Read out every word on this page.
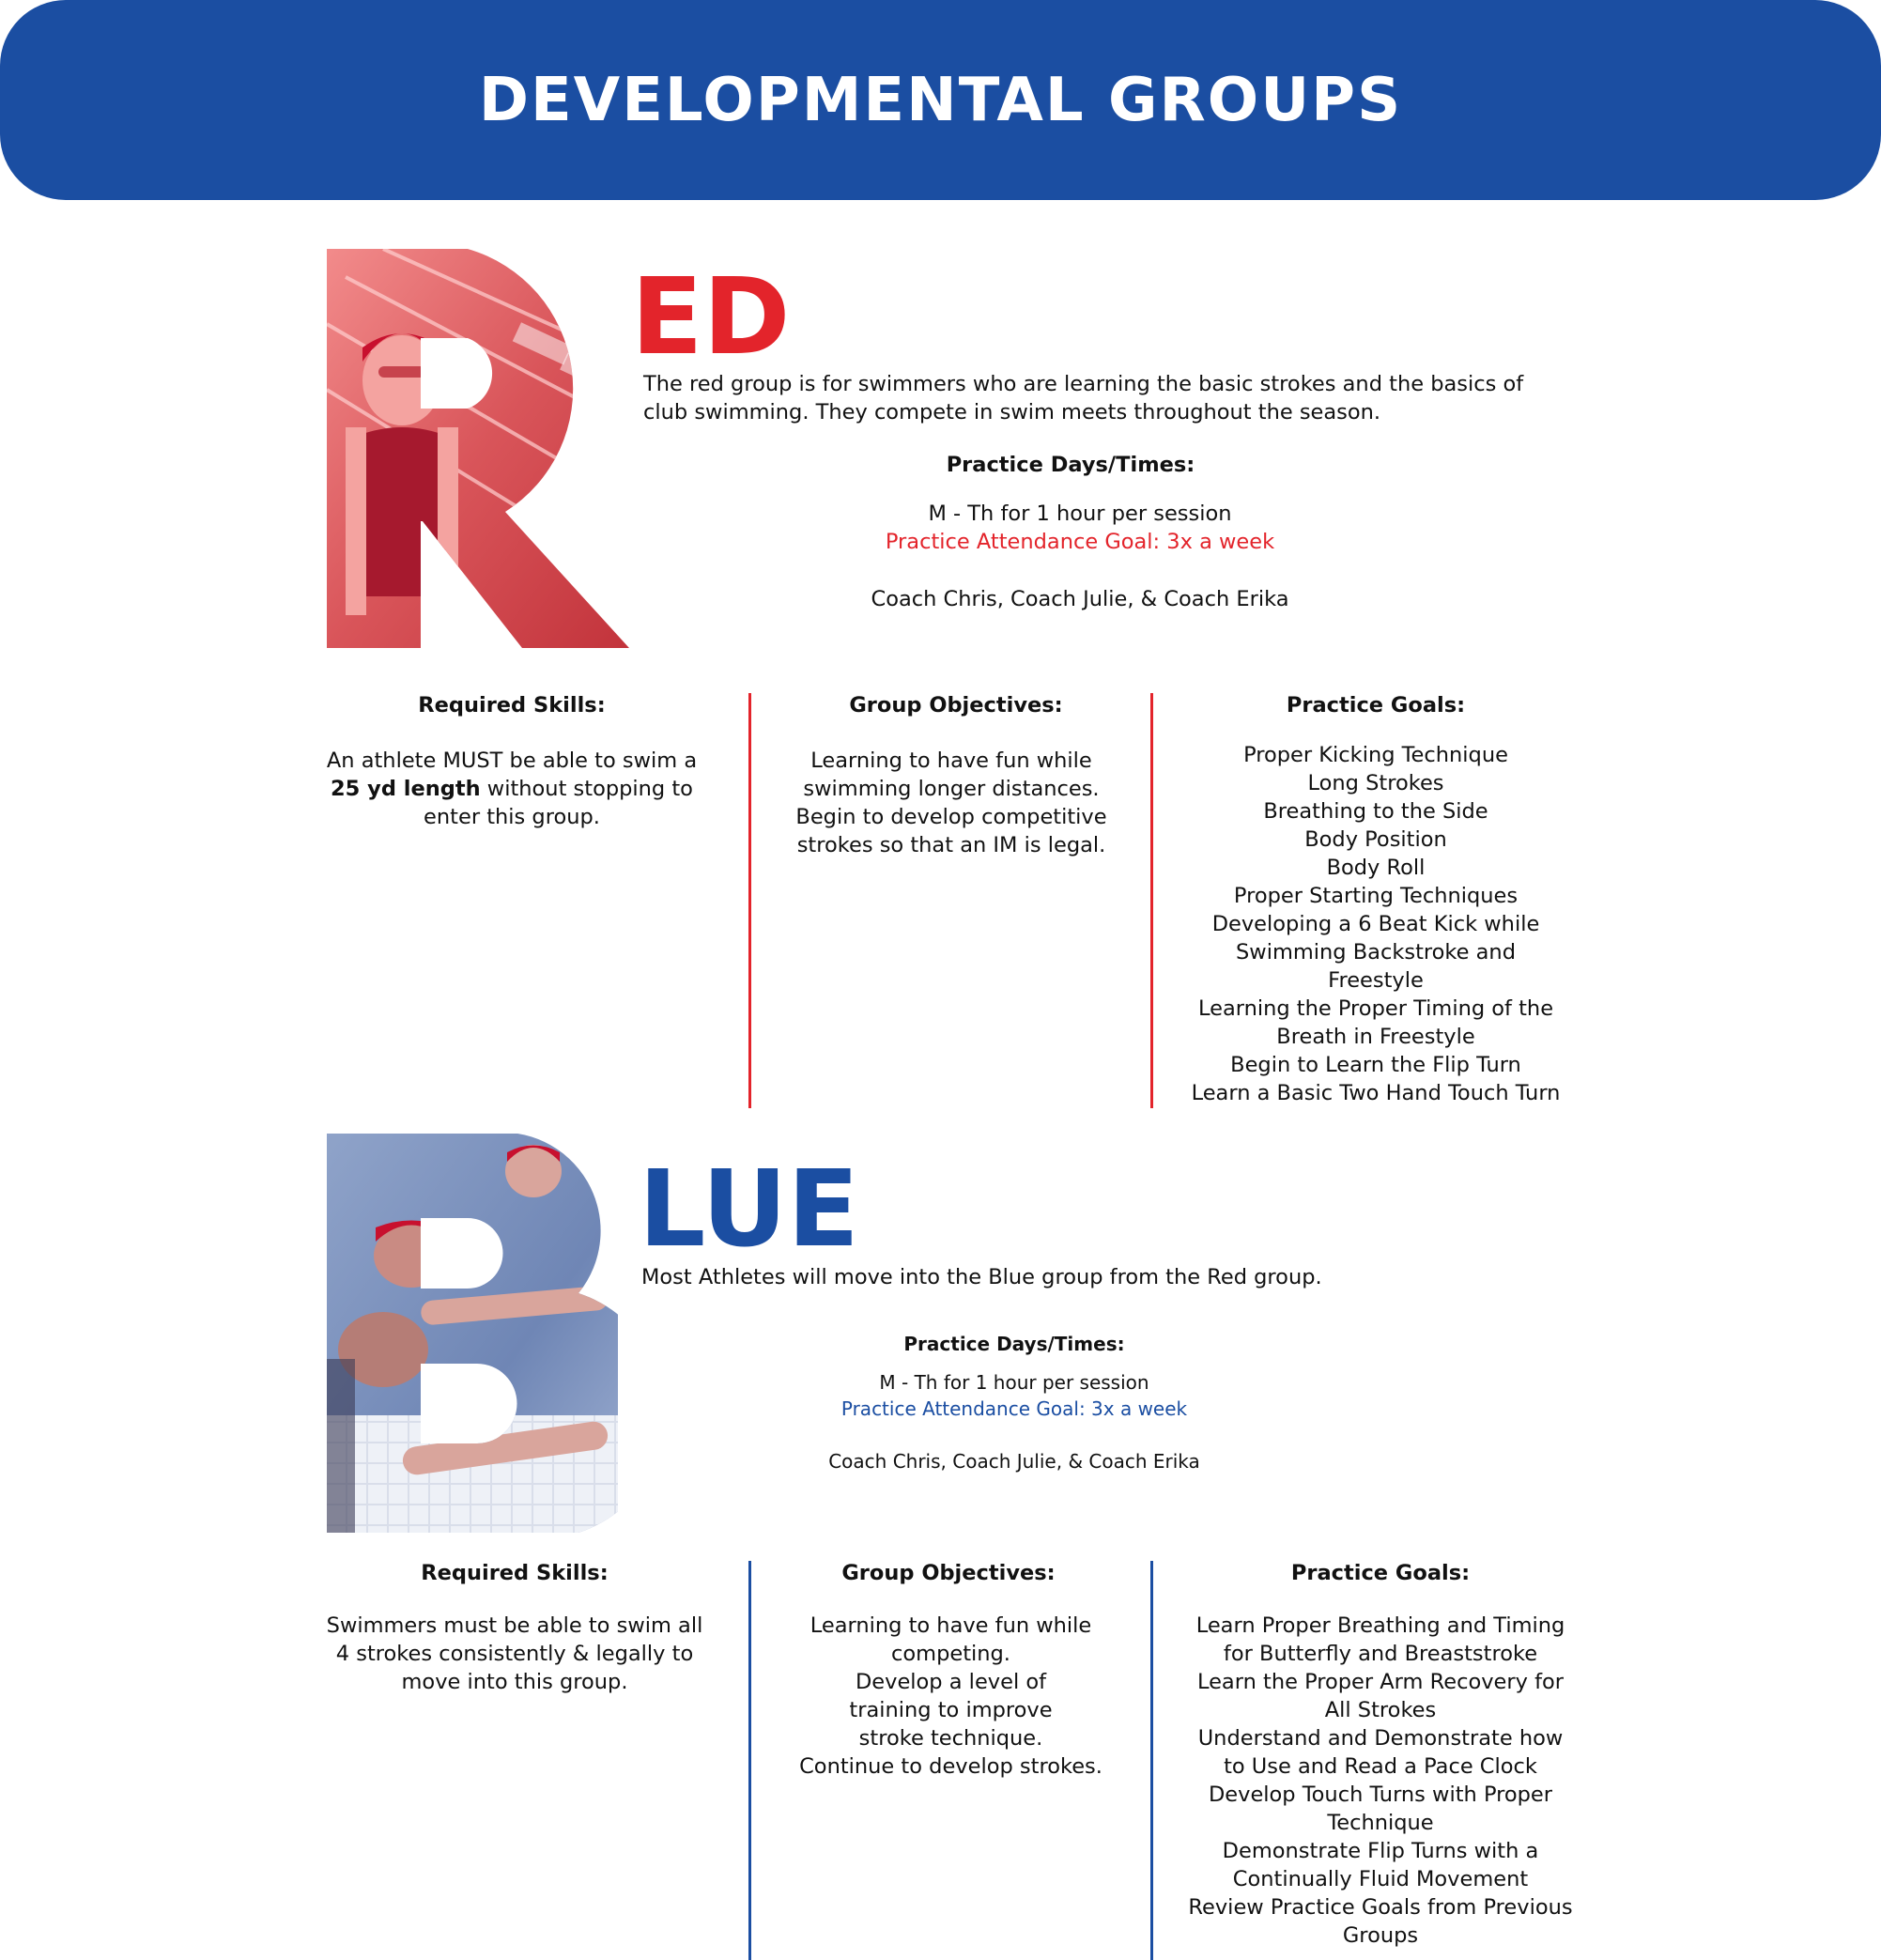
DEVELOPMENTAL GROUPS
ED
The red group is for swimmers who are learning the basic strokes and the basics of club swimming. They compete in swim meets throughout the season.
Practice Days/Times:
M - Th for 1 hour per session
Practice Attendance Goal: 3x a week
Coach Chris, Coach Julie, & Coach Erika
Required Skills:
An athlete MUST be able to swim a 25 yd length without stopping to enter this group.
Group Objectives:
Learning to have fun while swimming longer distances. Begin to develop competitive strokes so that an IM is legal.
Practice Goals:
Proper Kicking Technique
Long Strokes
Breathing to the Side
Body Position
Body Roll
Proper Starting Techniques
Developing a 6 Beat Kick while Swimming Backstroke and Freestyle
Learning the Proper Timing of the Breath in Freestyle
Begin to Learn the Flip Turn
Learn a Basic Two Hand Touch Turn
LUE
Most Athletes will move into the Blue group from the Red group.
Practice Days/Times:
M - Th for 1 hour per session
Practice Attendance Goal: 3x a week
Coach Chris, Coach Julie, & Coach Erika
Required Skills:
Swimmers must be able to swim all 4 strokes consistently & legally to move into this group.
Group Objectives:
Learning to have fun while competing.
Develop a level of training to improve stroke technique.
Continue to develop strokes.
Practice Goals:
Learn Proper Breathing and Timing for Butterfly and Breaststroke
Learn the Proper Arm Recovery for All Strokes
Understand and Demonstrate how to Use and Read a Pace Clock
Develop Touch Turns with Proper Technique
Demonstrate Flip Turns with a Continually Fluid Movement
Review Practice Goals from Previous Groups
